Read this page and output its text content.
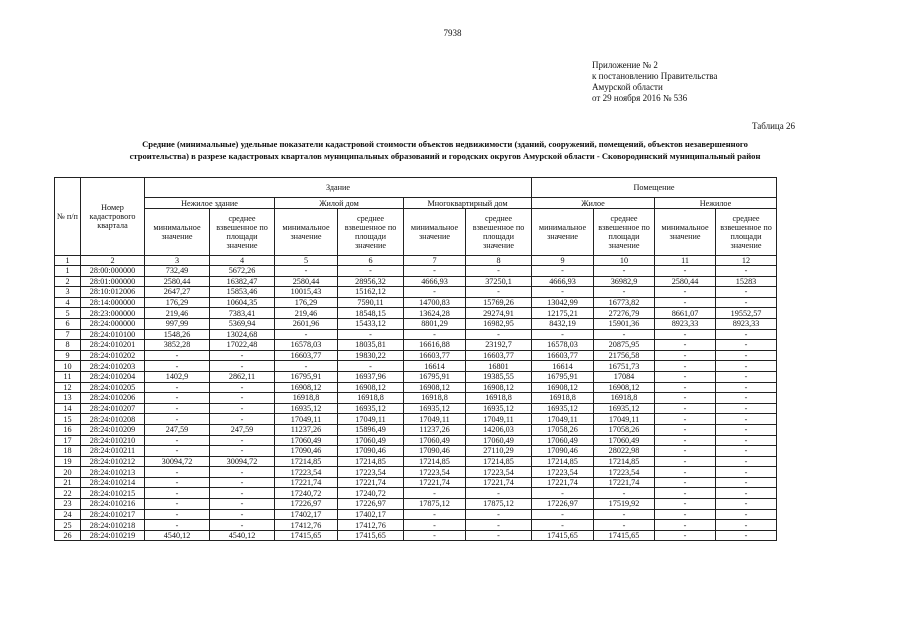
7938
Приложение № 2
к постановлению Правительства
Амурской области
от 29 ноября 2016 № 536
Таблица 26
Средние (минимальные) удельные показатели кадастровой стоимости объектов недвижимости (зданий, сооружений, помещений, объектов незавершенного
строительства) в разрезе кадастровых кварталов муниципальных образований и городских округов Амурской области - Сковородинский муниципальный район
№ п/п	Номер кадастрового квартала	Здание						Помещение			
		Нежилое здание		Жилой дом		Многоквартирный дом		Жилое		Нежилое	
		минимальное значение	среднее взвешенное по площади значение	минимальное значение	среднее взвешенное по площади значение	минимальное значение	среднее взвешенное по площади значение	минимальное значение	среднее взвешенное по площади значение	минимальное значение	среднее взвешенное по площади значение
1	2	3	4	5	6	7	8	9	10	11	12
1	28:00:000000	732,49	5672,26	-	-	-	-	-	-	-	-
2	28:01:000000	2580,44	16382,47	2580,44	28956,32	4666,93	37250,1	4666,93	36982,9	2580,44	15283
3	28:10:012006	2647,27	15853,46	10015,43	15162,12	-	-	-	-	-	-
4	28:14:000000	176,29	10604,35	176,29	7590,11	14700,83	15769,26	13042,99	16773,82	-	-
5	28:23:000000	219,46	7383,41	219,46	18548,15	13624,28	29274,91	12175,21	27276,79	8661,07	19552,57
6	28:24:000000	997,99	5369,94	2601,96	15433,12	8801,29	16982,95	8432,19	15901,36	8923,33	8923,33
7	28:24:010100	1548,26	13024,68	-	-	-	-	-	-	-	-
8	28:24:010201	3852,28	17022,48	16578,03	18035,81	16616,88	23192,7	16578,03	20875,95	-	-
9	28:24:010202	-	-	16603,77	19830,22	16603,77	16603,77	16603,77	21756,58	-	-
10	28:24:010203	-	-	-	-	16614	16801	16614	16751,73	-	-
11	28:24:010204	1402,9	2862,11	16795,91	16937,96	16795,91	19385,55	16795,91	17084	-	-
12	28:24:010205	-	-	16908,12	16908,12	16908,12	16908,12	16908,12	16908,12	-	-
13	28:24:010206	-	-	16918,8	16918,8	16918,8	16918,8	16918,8	16918,8	-	-
14	28:24:010207	-	-	16935,12	16935,12	16935,12	16935,12	16935,12	16935,12	-	-
15	28:24:010208	-	-	17049,11	17049,11	17049,11	17049,11	17049,11	17049,11	-	-
16	28:24:010209	247,59	247,59	11237,26	15896,49	11237,26	14206,03	17058,26	17058,26	-	-
17	28:24:010210	-	-	17060,49	17060,49	17060,49	17060,49	17060,49	17060,49	-	-
18	28:24:010211	-	-	17090,46	17090,46	17090,46	27110,29	17090,46	28022,98	-	-
19	28:24:010212	30094,72	30094,72	17214,85	17214,85	17214,85	17214,85	17214,85	17214,85	-	-
20	28:24:010213	-	-	17223,54	17223,54	17223,54	17223,54	17223,54	17223,54	-	-
21	28:24:010214	-	-	17221,74	17221,74	17221,74	17221,74	17221,74	17221,74	-	-
22	28:24:010215	-	-	17240,72	17240,72	-	-	-	-	-	-
23	28:24:010216	-	-	17226,97	17226,97	17875,12	17875,12	17226,97	17519,92	-	-
24	28:24:010217	-	-	17402,17	17402,17	-	-	-	-	-	-
25	28:24:010218	-	-	17412,76	17412,76	-	-	-	-	-	-
26	28:24:010219	4540,12	4540,12	17415,65	17415,65	-	-	17415,65	17415,65	-	-
